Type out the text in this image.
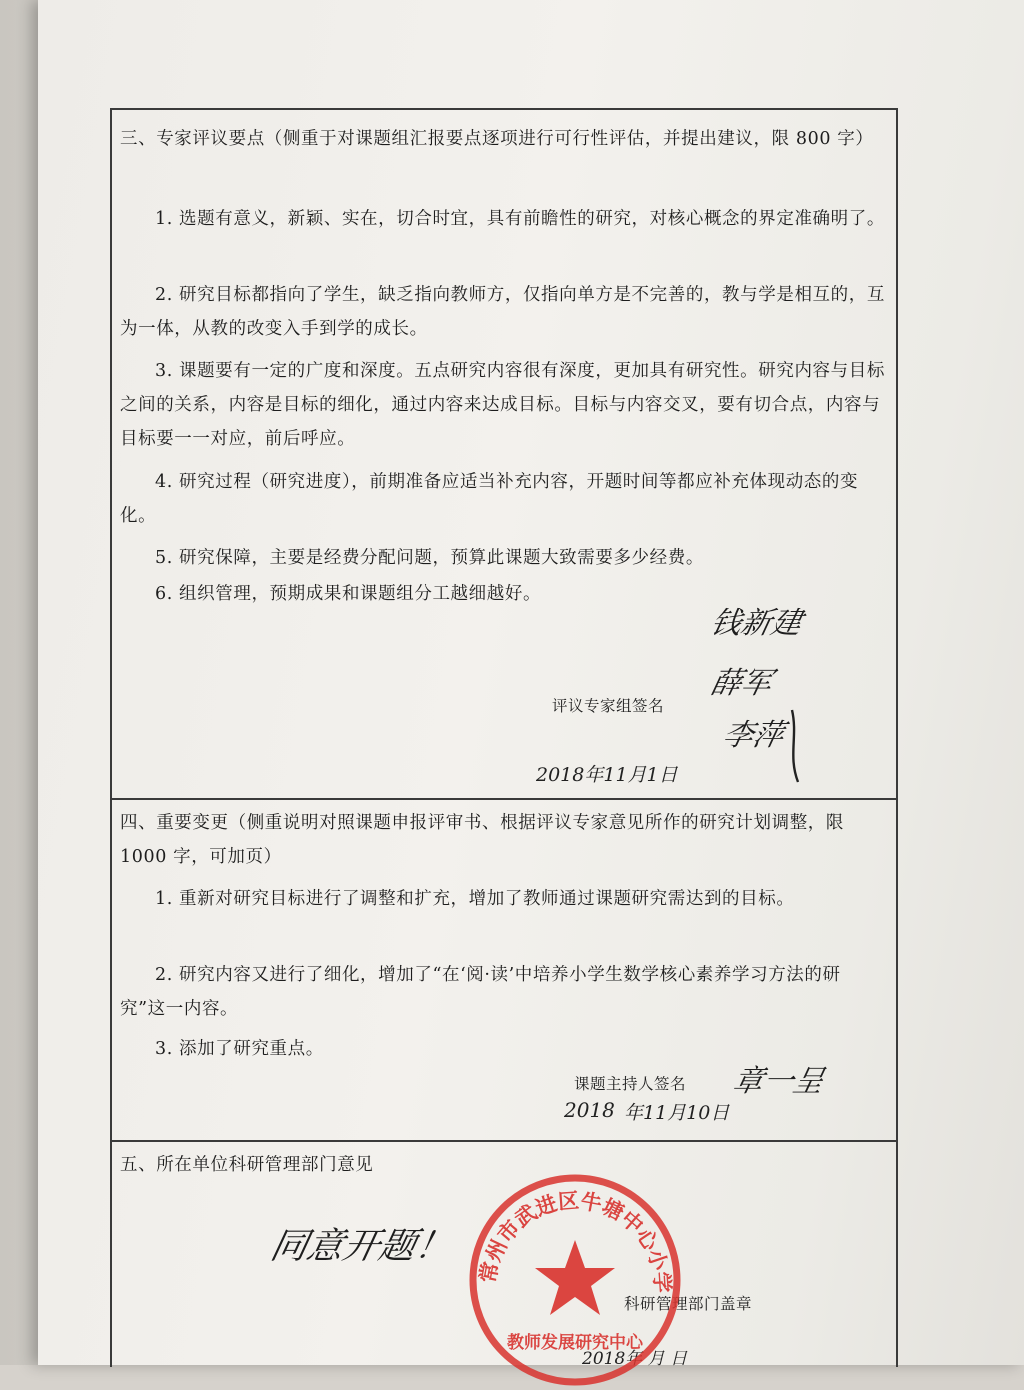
三、专家评议要点（侧重于对课题组汇报要点逐项进行可行性评估，并提出建议，限 800 字）

1. 选题有意义，新颖、实在，切合时宜，具有前瞻性的研究，对核心概念的界定准确明了。

2. 研究目标都指向了学生，缺乏指向教师方，仅指向单方是不完善的，教与学是相互的，互为一体，从教的改变入手到学的成长。

3. 课题要有一定的广度和深度。五点研究内容很有深度，更加具有研究性。研究内容与目标之间的关系，内容是目标的细化，通过内容来达成目标。目标与内容交叉，要有切合点，内容与目标要一一对应，前后呼应。

4. 研究过程（研究进度），前期准备应适当补充内容，开题时间等都应补充体现动态的变化。

5. 研究保障，主要是经费分配问题，预算此课题大致需要多少经费。

6. 组织管理，预期成果和课题组分工越细越好。

评议专家组签名
钱新建
薛军
李萍
2018年11月1日

四、重要变更（侧重说明对照课题申报评审书、根据评议专家意见所作的研究计划调整，限 1000 字，可加页）

1. 重新对研究目标进行了调整和扩充，增加了教师通过课题研究需达到的目标。

2. 研究内容又进行了细化，增加了“在‘阅·读’中培养小学生数学核心素养学习方法的研究”这一内容。

3. 添加了研究重点。

课题主持人签名 章一呈
2018 年11月10日

五、所在单位科研管理部门意见

同意开题！
科研管理部门盖章
2018年 月 日
常州市武进区牛塘中心小学
教师发展研究中心
